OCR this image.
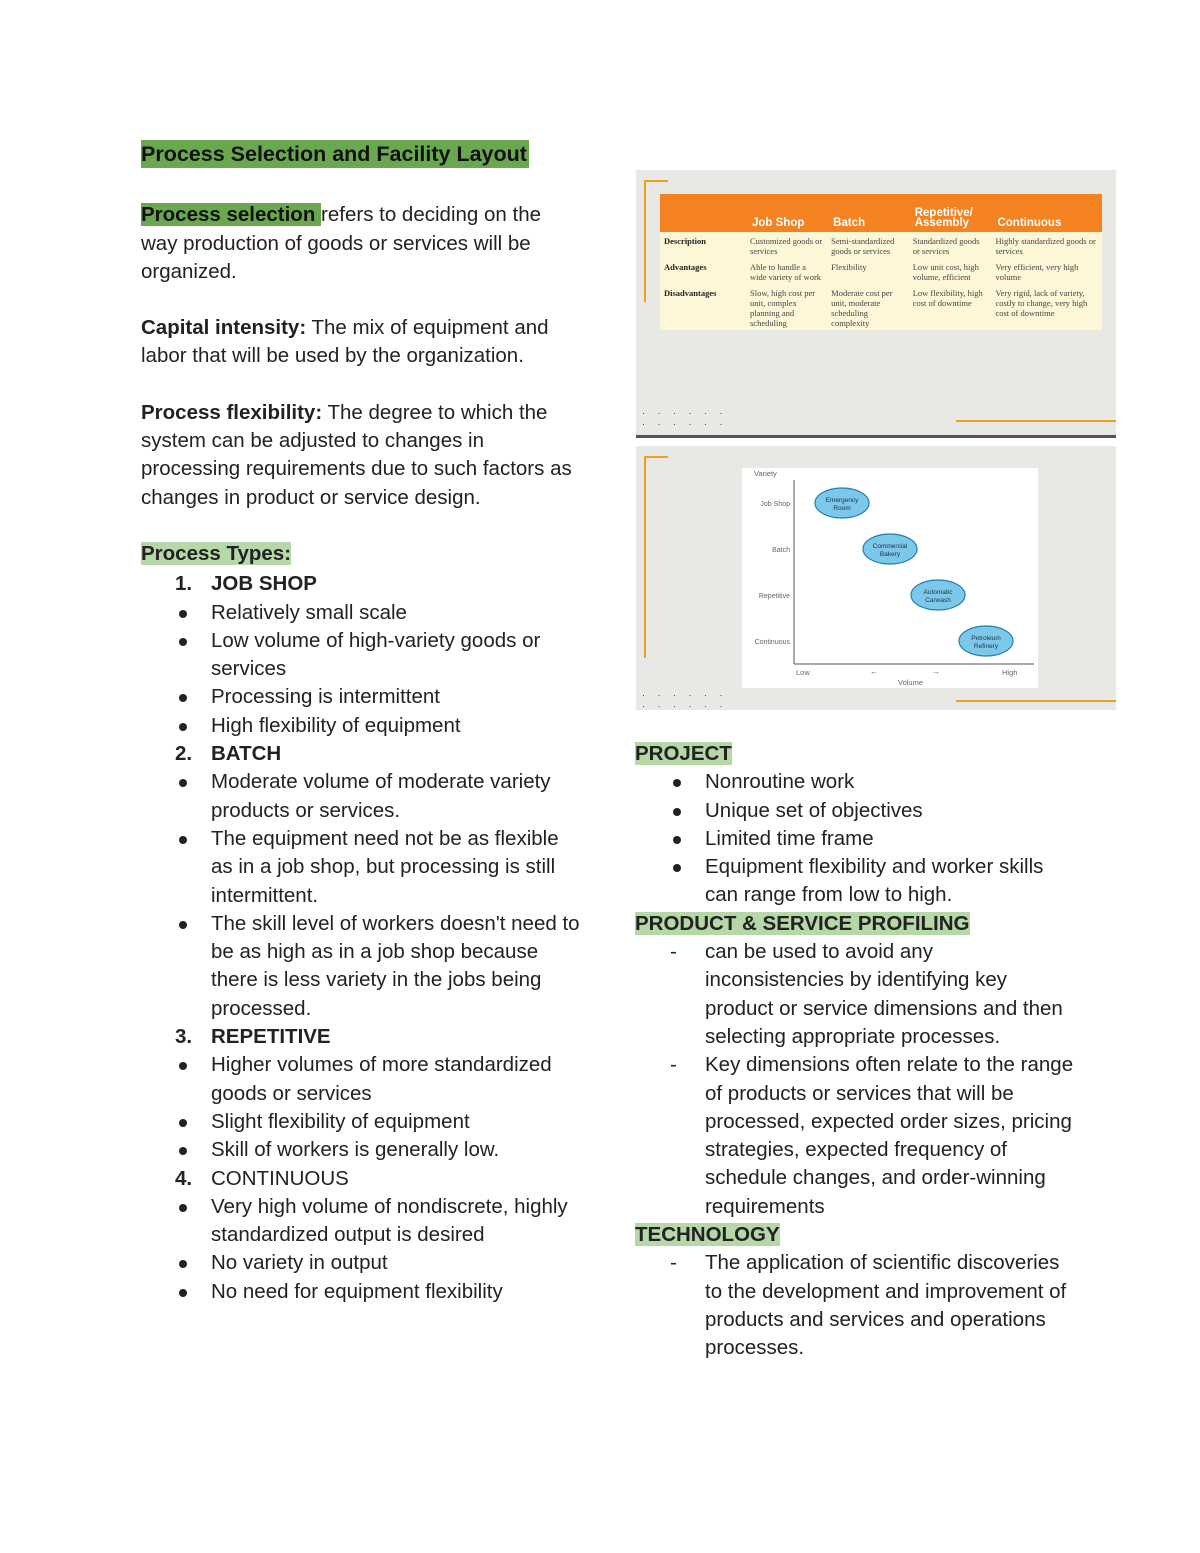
Process Selection and Facility Layout

Process selection refers to deciding on the way production of goods or services will be organized.

Capital intensity: The mix of equipment and labor that will be used by the organization.

Process flexibility: The degree to which the system can be adjusted to changes in processing requirements due to such factors as changes in product or service design.

Process Types:

1. JOB SHOP
Relatively small scale
Low volume of high-variety goods or services
Processing is intermittent
High flexibility of equipment
2. BATCH
Moderate volume of moderate variety products or services.
The equipment need not be as flexible as in a job shop, but processing is still intermittent.
The skill level of workers doesn't need to be as high as in a job shop because there is less variety in the jobs being processed.
3. REPETITIVE
Higher volumes of more standardized goods or services
Slight flexibility of equipment
Skill of workers is generally low.
4. CONTINUOUS
Very high volume of nondiscrete, highly standardized output is desired
No variety in output
No need for equipment flexibility
	Job Shop	Batch	Repetitive/ Assembly	Continuous
Description	Customized goods or services	Semi-standardized goods or services	Standardized goods or services	Highly standardized goods or services
Advantages	Able to handle a wide variety of work	Flexibility	Low unit cost, high volume, efficient	Very efficient, very high volume
Disadvantages	Slow, high cost per unit, complex planning and scheduling	Moderate cost per unit, moderate scheduling complexity	Low flexibility, high cost of downtime	Very rigid, lack of variety, costly to change, very high cost of downtime
· · · · · ·
· · · · · ·
Variety
Volume
Low	High
←	→
Job Shop
Batch
Repetitive
Continuous
Emergency
Room
Commercial
Bakery
Automatic
Carwash
Petroleum
Refinery
· · · · · ·
· · · · · ·

PROJECT

Nonroutine work
Unique set of objectives
Limited time frame
Equipment flexibility and worker skills can range from low to high.

PRODUCT & SERVICE PROFILING

- can be used to avoid any inconsistencies by identifying key product or service dimensions and then selecting appropriate processes.
- Key dimensions often relate to the range of products or services that will be processed, expected order sizes, pricing strategies, expected frequency of schedule changes, and order-winning requirements

TECHNOLOGY

- The application of scientific discoveries to the development and improvement of products and services and operations processes.
